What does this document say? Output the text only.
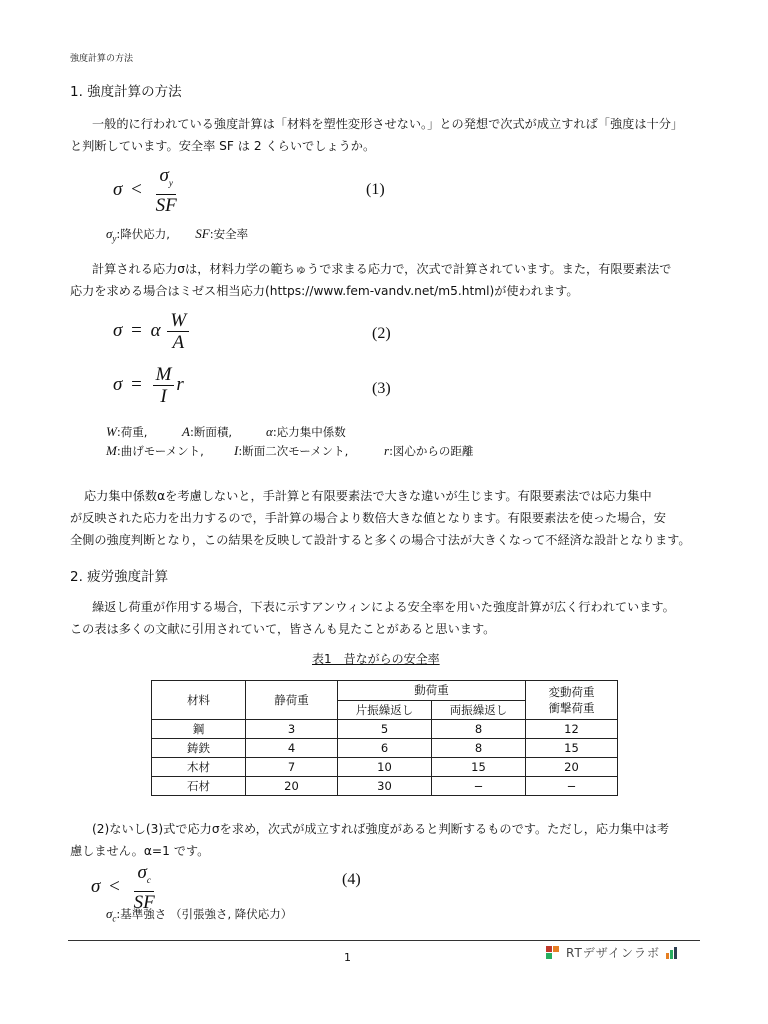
強度計算の方法
1. 強度計算の方法
一般的に行われている強度計算は「材料を塑性変形させない。」との発想で次式が成立すれば「強度は十分」
と判断しています。安全率 SF は 2 くらいでしょうか。
$\sigma < \frac{\sigma_y}{SF}$	(1)
$\sigma_y$:降伏応力, SF:安全率
計算される応力σは，材料力学の範ちゅうで求まる応力で，次式で計算されています。また，有限要素法で
応力を求める場合はミゼス相当応力(https://www.fem-vandv.net/m5.html)が使われます。
σ = α $\frac{W}{A}$	(2)
$\sigma = \frac{M}{I}$ r	(3)
W:荷重,	A:断面積,	α:応力集中係数
M:曲げモーメント, I:断面二次モーメント,	r:図心からの距離
応力集中係数αを考慮しないと，手計算と有限要素法で大きな違いが生じます。有限要素法では応力集中
が反映された応力を出力するので，手計算の場合より数倍大きな値となります。有限要素法を使った場合，安
全側の強度判断となり，この結果を反映して設計すると多くの場合寸法が大きくなって不経済な設計となります。
2. 疲労強度計算
繰返し荷重が作用する場合，下表に示すアンウィンによる安全率を用いた強度計算が広く行われています。
この表は多くの文献に引用されていて，皆さんも見たことがあると思います。
表1　昔ながらの安全率
材料	静荷重	動荷重		変動荷重
衝撃荷重

		片振繰返し	両振繰返し	
鋼	3	5	8	12
鋳鉄	4	6	8	15
木材	7	10	15	20
石材	20	30	−	−
(2)ないし(3)式で応力σを求め，次式が成立すれば強度があると判断するものです。ただし，応力集中は考
慮しません。α=1 です。
$\sigma < \frac{\sigma_c}{SF}$	(4)
$\sigma_c$:基準強さ （引張強さ, 降伏応力）
1	RTデザインラボ
